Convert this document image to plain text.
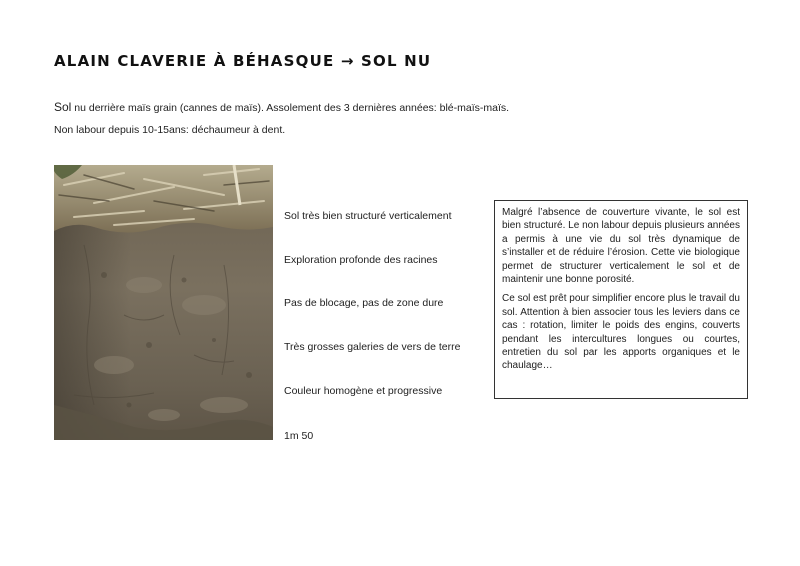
ALAIN CLAVERIE À BÉHASQUE → SOL NU
Sol nu derrière maïs grain (cannes de maïs). Assolement des 3 dernières années: blé-maïs-maïs.
Non labour depuis 10-15ans: déchaumeur à dent.
Sol très bien structuré verticalement
Exploration profonde des racines
Pas de blocage, pas de zone dure
Très grosses galeries de vers de terre
Couleur homogène et progressive
1m 50

Malgré l’absence de couverture vivante, le sol est bien structuré. Le non labour depuis plusieurs années a permis à une vie du sol très dynamique de s’installer et de réduire l’érosion. Cette vie biologique permet de structurer verticalement le sol et de maintenir une bonne porosité.

Ce sol est prêt pour simplifier encore plus le travail du sol. Attention à bien associer tous les leviers dans ce cas : rotation, limiter le poids des engins, couverts pendant les intercultures longues ou courtes, entretien du sol par les apports organiques et le chaulage…
